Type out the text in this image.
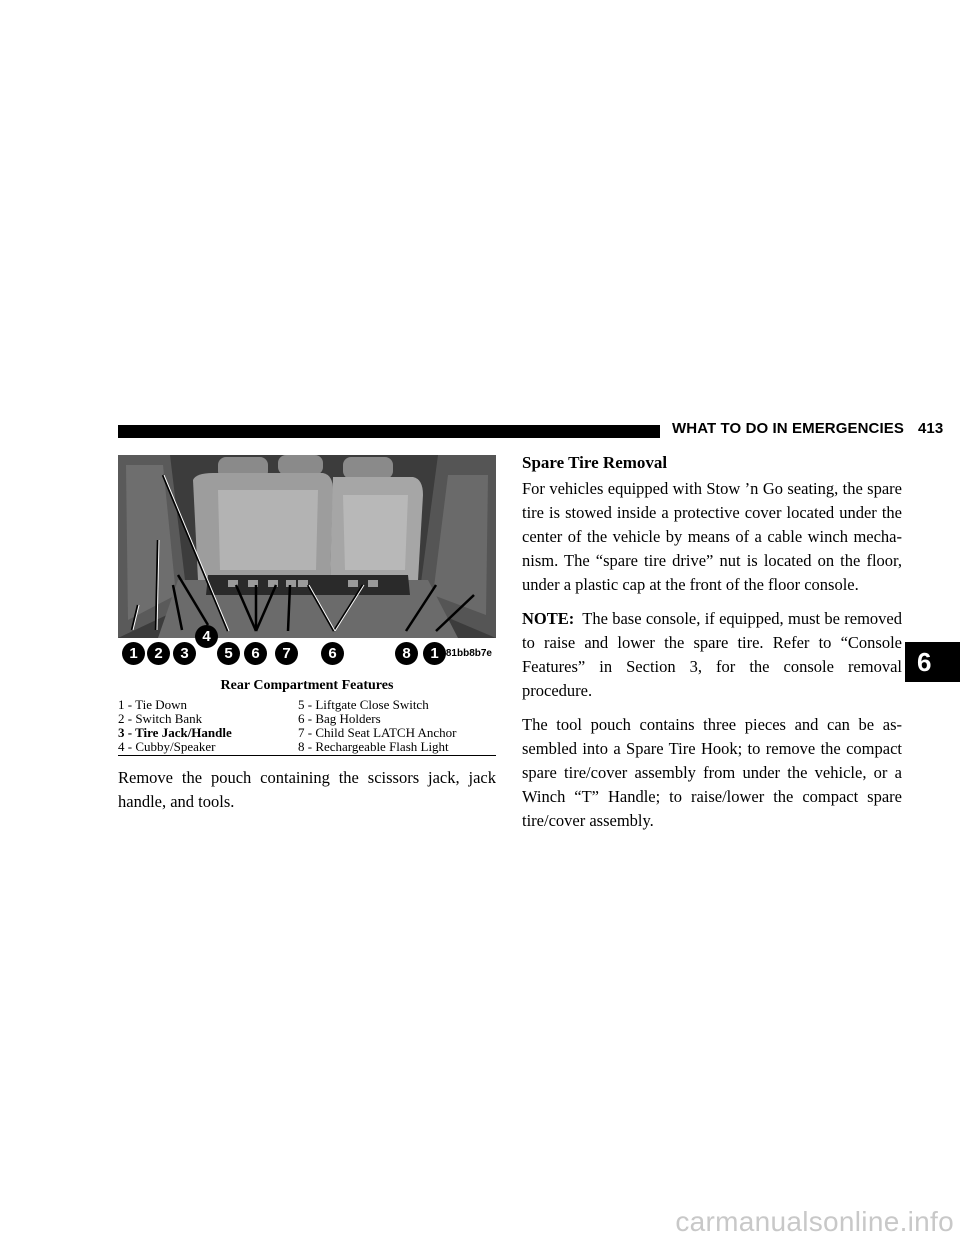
WHAT TO DO IN EMERGENCIES 413
1	2	3
4
5	6	7	6	8	1 81bb8b7e
Rear Compartment Features
1 - Tie Down	5 - Liftgate Close Switch
2 - Switch Bank	6 - Bag Holders
3 - Tire Jack/Handle	7 - Child Seat LATCH Anchor
4 - Cubby/Speaker	8 - Rechargeable Flash Light
Remove the pouch containing the scissors jack, jack handle, and tools.
Spare Tire Removal

For vehicles equipped with Stow ’n Go seating, the spare tire is stowed inside a protective cover located under the center of the vehicle by means of a cable winch mecha-nism. The “spare tire drive” nut is located on the floor, under a plastic cap at the front of the floor console.

NOTE: The base console, if equipped, must be removed to raise and lower the spare tire. Refer to “Console Features” in Section 3, for the console removal procedure.

The tool pouch contains three pieces and can be as-sembled into a Spare Tire Hook; to remove the compact spare tire/cover assembly from under the vehicle, or a Winch “T” Handle; to raise/lower the compact spare tire/cover assembly.

6
carmanualsonline.info
